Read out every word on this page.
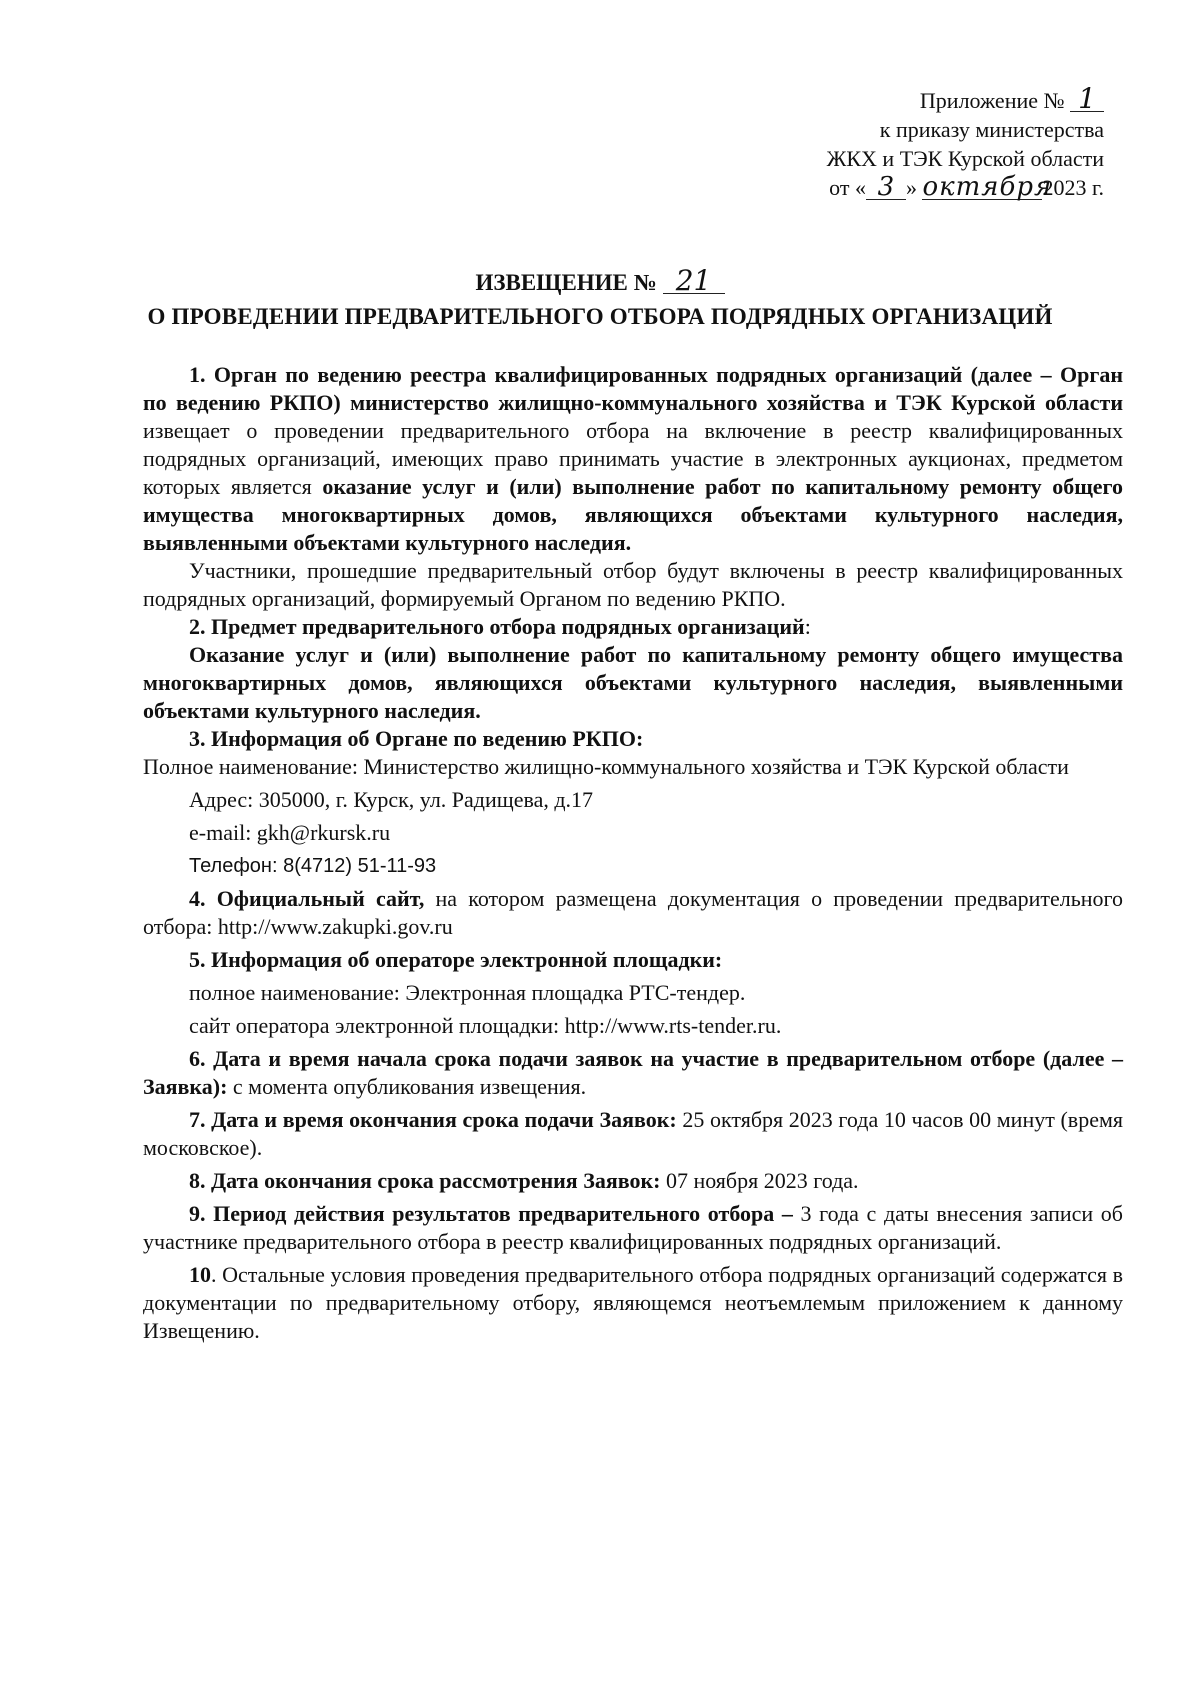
Приложение № 1
к приказу министерства
ЖКХ и ТЭК Курской области
от « 3 » октября2023 г.
ИЗВЕЩЕНИЕ № 21
О ПРОВЕДЕНИИ ПРЕДВАРИТЕЛЬНОГО ОТБОРА ПОДРЯДНЫХ ОРГАНИЗАЦИЙ

1. Орган по ведению реестра квалифицированных подрядных организаций (далее – Орган по ведению РКПО) министерство жилищно-коммунального хозяйства и ТЭК Курской области извещает о проведении предварительного отбора на включение в реестр квалифицированных подрядных организаций, имеющих право принимать участие в электронных аукционах, предметом которых является оказание услуг и (или) выполнение работ по капитальному ремонту общего имущества многоквартирных домов, являющихся объектами культурного наследия, выявленными объектами культурного наследия.

Участники, прошедшие предварительный отбор будут включены в реестр квалифицированных подрядных организаций, формируемый Органом по ведению РКПО.

2. Предмет предварительного отбора подрядных организаций:

Оказание услуг и (или) выполнение работ по капитальному ремонту общего имущества многоквартирных домов, являющихся объектами культурного наследия, выявленными объектами культурного наследия.

3. Информация об Органе по ведению РКПО:

Полное наименование: Министерство жилищно-коммунального хозяйства и ТЭК Курской области

Адрес: 305000, г. Курск, ул. Радищева, д.17

e-mail: gkh@rkursk.ru

Телефон: 8(4712) 51-11-93

4. Официальный сайт, на котором размещена документация о проведении предварительного отбора: http://www.zakupki.gov.ru

5. Информация об операторе электронной площадки:

полное наименование: Электронная площадка РТС-тендер.

сайт оператора электронной площадки: http://www.rts-tender.ru.

6. Дата и время начала срока подачи заявок на участие в предварительном отборе (далее – Заявка): с момента опубликования извещения.

7. Дата и время окончания срока подачи Заявок: 25 октября 2023 года 10 часов 00 минут (время московское).

8. Дата окончания срока рассмотрения Заявок: 07 ноября 2023 года.

9. Период действия результатов предварительного отбора – 3 года с даты внесения записи об участнике предварительного отбора в реестр квалифицированных подрядных организаций.

10. Остальные условия проведения предварительного отбора подрядных организаций содержатся в документации по предварительному отбору, являющемся неотъемлемым приложением к данному Извещению.
